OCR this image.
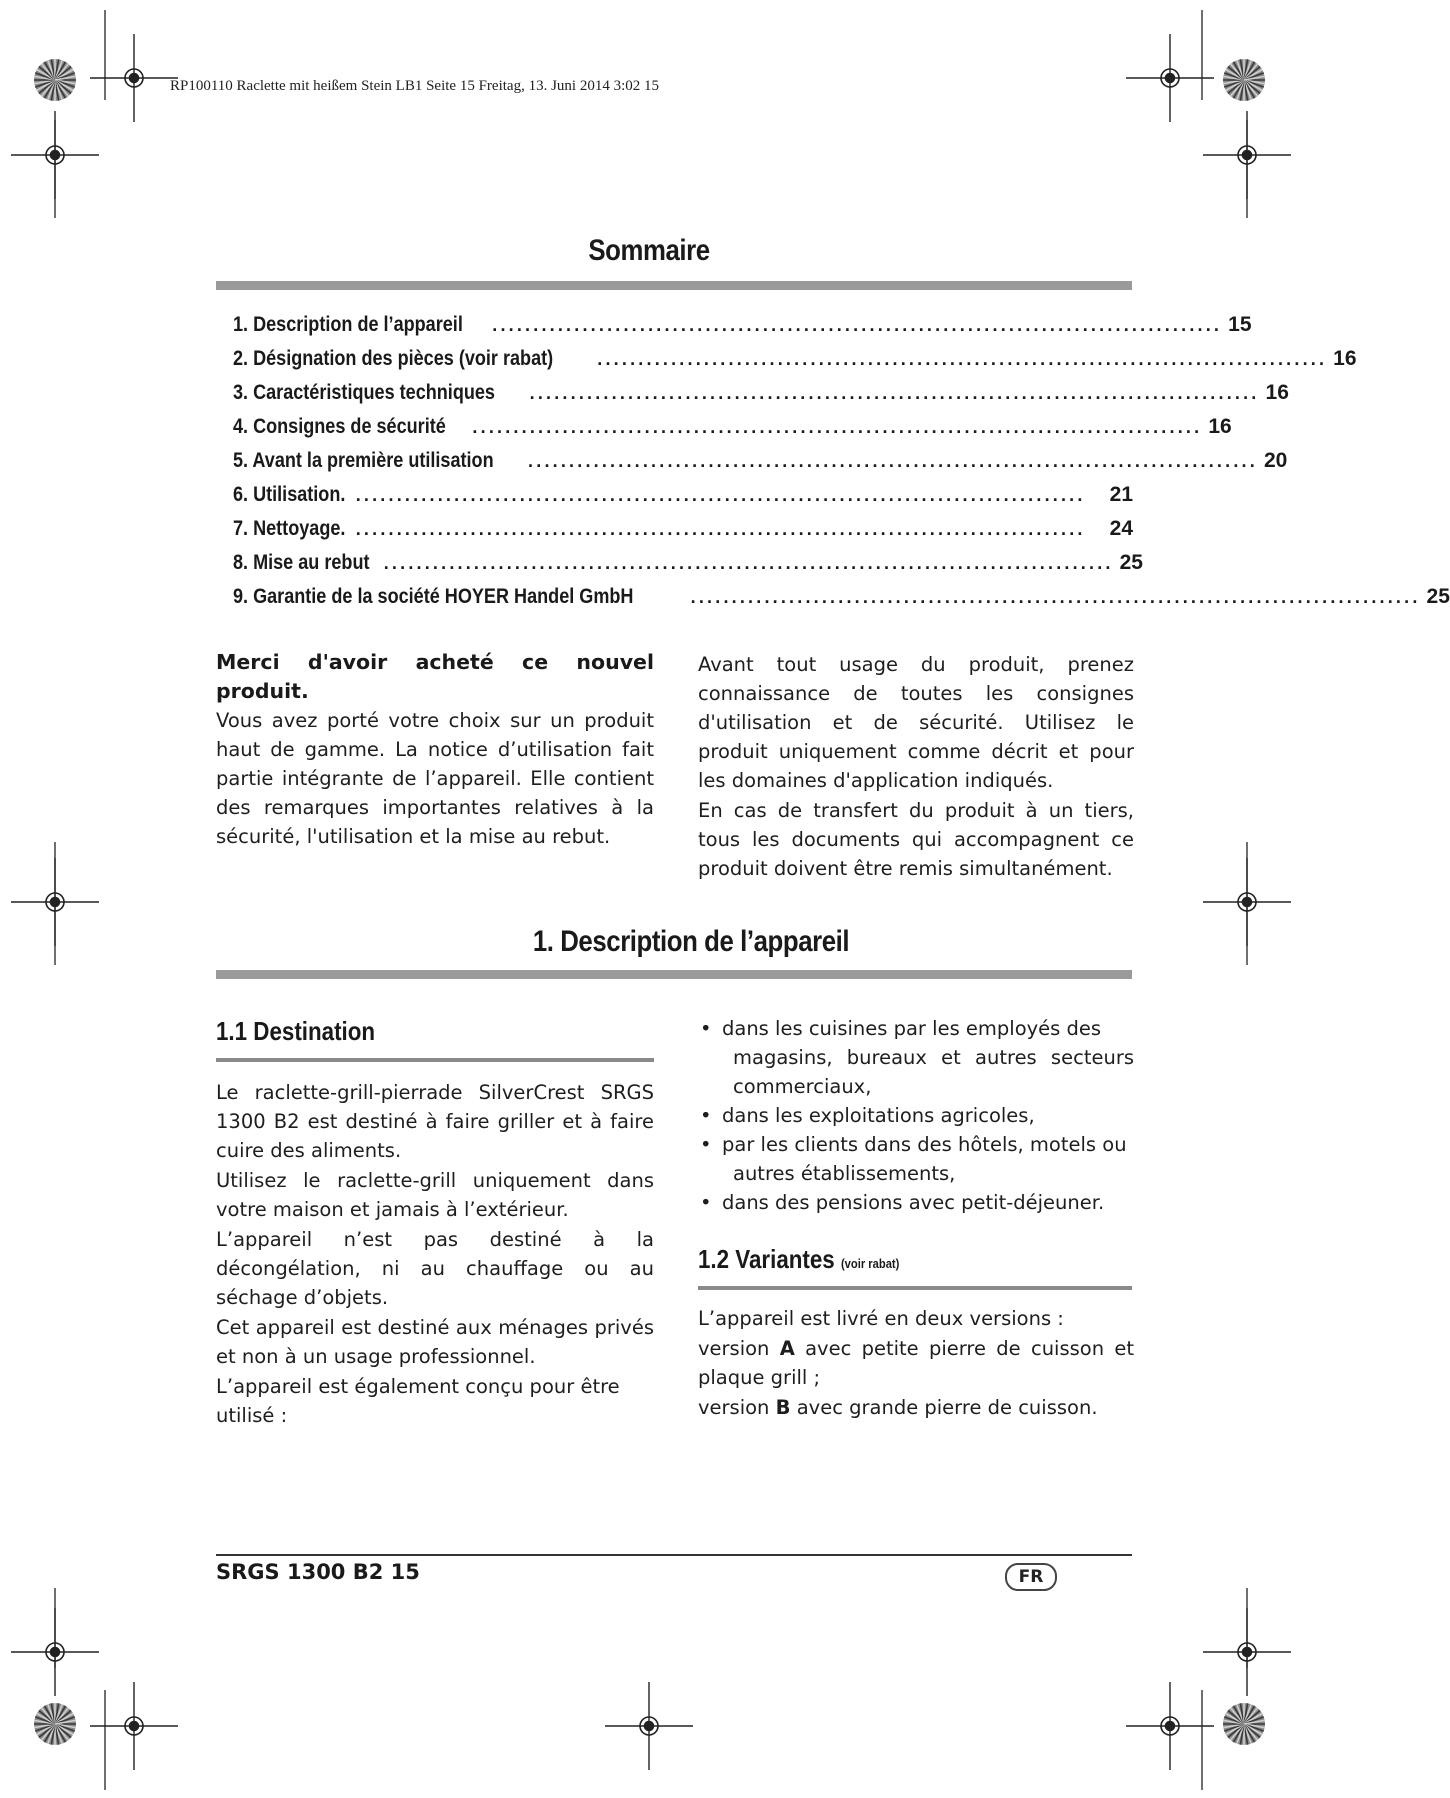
RP100110 Raclette mit heißem Stein LB1 Seite 15 Freitag, 13. Juni 2014 3:02 15
Sommaire
1. Description de l’appareil	......................................................................................... 15
2. Désignation des pièces (voir rabat)	......................................................................................... 16
3. Caractéristiques techniques	......................................................................................... 16
4. Consignes de sécurité	......................................................................................... 16
5. Avant la première utilisation	......................................................................................... 20
6. Utilisation. .........................................................................................	21
7. Nettoyage. .........................................................................................	24
8. Mise au rebut ......................................................................................... 25
9. Garantie de la société HOYER Handel GmbH	......................................................................................... 25
Merci d'avoir acheté ce nouvel produit.
Vous avez porté votre choix sur un produit haut de gamme. La notice d’utilisation fait partie intégrante de l’appareil. Elle contient des remarques importantes relatives à la sécurité, l'utilisation et la mise au rebut.

Avant tout usage du produit, prenez connaissance de toutes les consignes d'utilisation et de sécurité. Utilisez le produit uniquement comme décrit et pour les domaines d'application indiqués.

En cas de transfert du produit à un tiers, tous les documents qui accompagnent ce produit doivent être remis simultanément.

1. Description de l’appareil
1.1 Destination

Le raclette-grill-pierrade SilverCrest SRGS 1300 B2 est destiné à faire griller et à faire cuire des aliments.

Utilisez le raclette-grill uniquement dans votre maison et jamais à l’extérieur.

L’appareil n’est pas destiné à la décongélation, ni au chauffage ou au séchage d’objets.

Cet appareil est destiné aux ménages privés et non à un usage professionnel.

L’appareil est également conçu pour être utilisé :

• dans les cuisines par les employés des
magasins, bureaux et autres secteurs commerciaux,
• dans les exploitations agricoles,
• par les clients dans des hôtels, motels ou
autres établissements,
• dans des pensions avec petit-déjeuner.
1.2 Variantes (voir rabat)

L’appareil est livré en deux versions :

version A avec petite pierre de cuisson et plaque grill ;

version B avec grande pierre de cuisson.

SRGS 1300 B2 15	FR
